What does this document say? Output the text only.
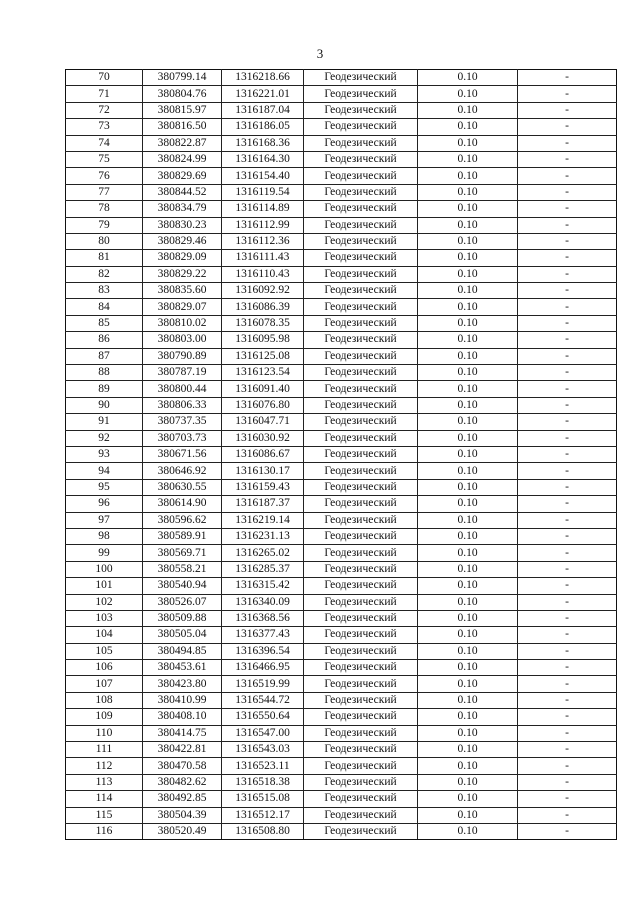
3
70	380799.14	1316218.66	Геодезический	0.10	-
71	380804.76	1316221.01	Геодезический	0.10	-
72	380815.97	1316187.04	Геодезический	0.10	-
73	380816.50	1316186.05	Геодезический	0.10	-
74	380822.87	1316168.36	Геодезический	0.10	-
75	380824.99	1316164.30	Геодезический	0.10	-
76	380829.69	1316154.40	Геодезический	0.10	-
77	380844.52	1316119.54	Геодезический	0.10	-
78	380834.79	1316114.89	Геодезический	0.10	-
79	380830.23	1316112.99	Геодезический	0.10	-
80	380829.46	1316112.36	Геодезический	0.10	-
81	380829.09	1316111.43	Геодезический	0.10	-
82	380829.22	1316110.43	Геодезический	0.10	-
83	380835.60	1316092.92	Геодезический	0.10	-
84	380829.07	1316086.39	Геодезический	0.10	-
85	380810.02	1316078.35	Геодезический	0.10	-
86	380803.00	1316095.98	Геодезический	0.10	-
87	380790.89	1316125.08	Геодезический	0.10	-
88	380787.19	1316123.54	Геодезический	0.10	-
89	380800.44	1316091.40	Геодезический	0.10	-
90	380806.33	1316076.80	Геодезический	0.10	-
91	380737.35	1316047.71	Геодезический	0.10	-
92	380703.73	1316030.92	Геодезический	0.10	-
93	380671.56	1316086.67	Геодезический	0.10	-
94	380646.92	1316130.17	Геодезический	0.10	-
95	380630.55	1316159.43	Геодезический	0.10	-
96	380614.90	1316187.37	Геодезический	0.10	-
97	380596.62	1316219.14	Геодезический	0.10	-
98	380589.91	1316231.13	Геодезический	0.10	-
99	380569.71	1316265.02	Геодезический	0.10	-
100	380558.21	1316285.37	Геодезический	0.10	-
101	380540.94	1316315.42	Геодезический	0.10	-
102	380526.07	1316340.09	Геодезический	0.10	-
103	380509.88	1316368.56	Геодезический	0.10	-
104	380505.04	1316377.43	Геодезический	0.10	-
105	380494.85	1316396.54	Геодезический	0.10	-
106	380453.61	1316466.95	Геодезический	0.10	-
107	380423.80	1316519.99	Геодезический	0.10	-
108	380410.99	1316544.72	Геодезический	0.10	-
109	380408.10	1316550.64	Геодезический	0.10	-
110	380414.75	1316547.00	Геодезический	0.10	-
111	380422.81	1316543.03	Геодезический	0.10	-
112	380470.58	1316523.11	Геодезический	0.10	-
113	380482.62	1316518.38	Геодезический	0.10	-
114	380492.85	1316515.08	Геодезический	0.10	-
115	380504.39	1316512.17	Геодезический	0.10	-
116	380520.49	1316508.80	Геодезический	0.10	-
